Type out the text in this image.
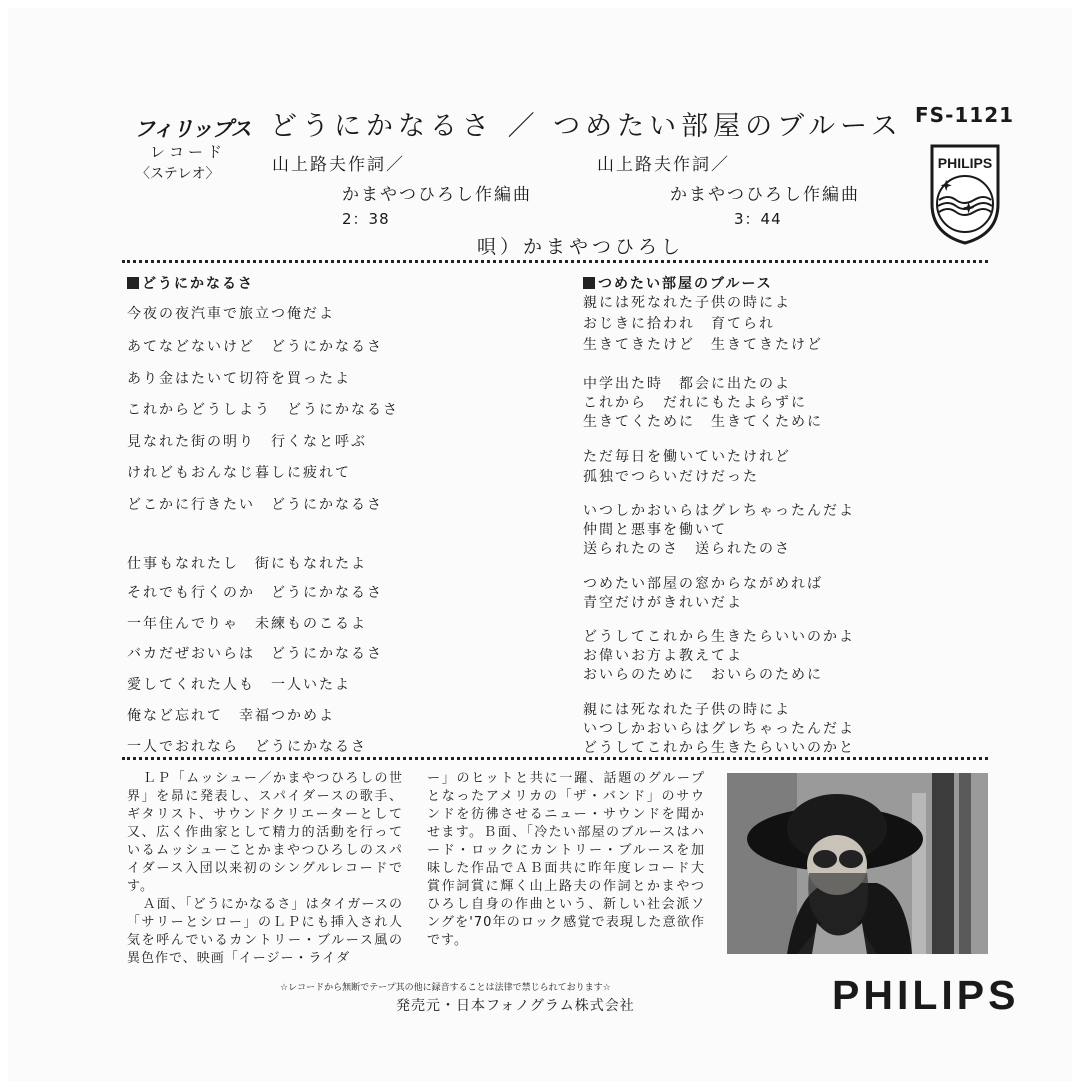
フィリップス
レコード
〈ステレオ〉
どうにかなるさ ／ つめたい部屋のブルース FS-1121
山上路夫作詞／
かまやつひろし作編曲
2：38
山上路夫作詞／
かまやつひろし作編曲
3：44
PHILIPS
唄）かまやつひろし
どうにかなるさ
今夜の夜汽車で旅立つ俺だよ
あてなどないけど　どうにかなるさ
あり金はたいて切符を買ったよ
これからどうしよう　どうにかなるさ
見なれた街の明り　行くなと呼ぶ
けれどもおんなじ暮しに疲れて
どこかに行きたい　どうにかなるさ
仕事もなれたし　街にもなれたよ
それでも行くのか　どうにかなるさ
一年住んでりゃ　未練ものこるよ
バカだぜおいらは　どうにかなるさ
愛してくれた人も　一人いたよ
俺など忘れて　幸福つかめよ
一人でおれなら　どうにかなるさ
つめたい部屋のブルース
親には死なれた子供の時によ
おじきに拾われ　育てられ
生きてきたけど　生きてきたけど
中学出た時　都会に出たのよ
これから　だれにもたよらずに
生きてくために　生きてくために
ただ毎日を働いていたけれど
孤独でつらいだけだった
いつしかおいらはグレちゃったんだよ
仲間と悪事を働いて
送られたのさ　送られたのさ
つめたい部屋の窓からながめれば
青空だけがきれいだよ
どうしてこれから生きたらいいのかよ
お偉いお方よ教えてよ
おいらのために　おいらのために
親には死なれた子供の時によ
いつしかおいらはグレちゃったんだよ
どうしてこれから生きたらいいのかと

ＬＰ「ムッシュー／かまやつひろしの世界」を昴に発表し、スパイダースの歌手、ギタリスト、サウンドクリエーターとして又、広く作曲家として精力的活動を行っているムッシューことかまやつひろしのスパイダース入団以来初のシングルレコードです。

Ａ面、「どうにかなるさ」はタイガースの「サリーとシロー」のＬＰにも挿入され人気を呼んでいるカントリー・ブルース風の異色作で、映画「イージー・ライダ

ー」のヒットと共に一躍、話題のグループとなったアメリカの「ザ・バンド」のサウンドを彷彿させるニュー・サウンドを聞かせます。Ｂ面、「冷たい部屋のブルースはハード・ロックにカントリー・ブルースを加味した作品でＡＢ面共に昨年度レコード大賞作詞賞に輝く山上路夫の作詞とかまやつひろし自身の作曲という、新しい社会派ソングを'70年のロック感覚で表現した意欲作です。

☆レコードから無断でテープ其の他に録音することは法律で禁じられております☆
発売元・日本フォノグラム株式会社	PHILIPS
